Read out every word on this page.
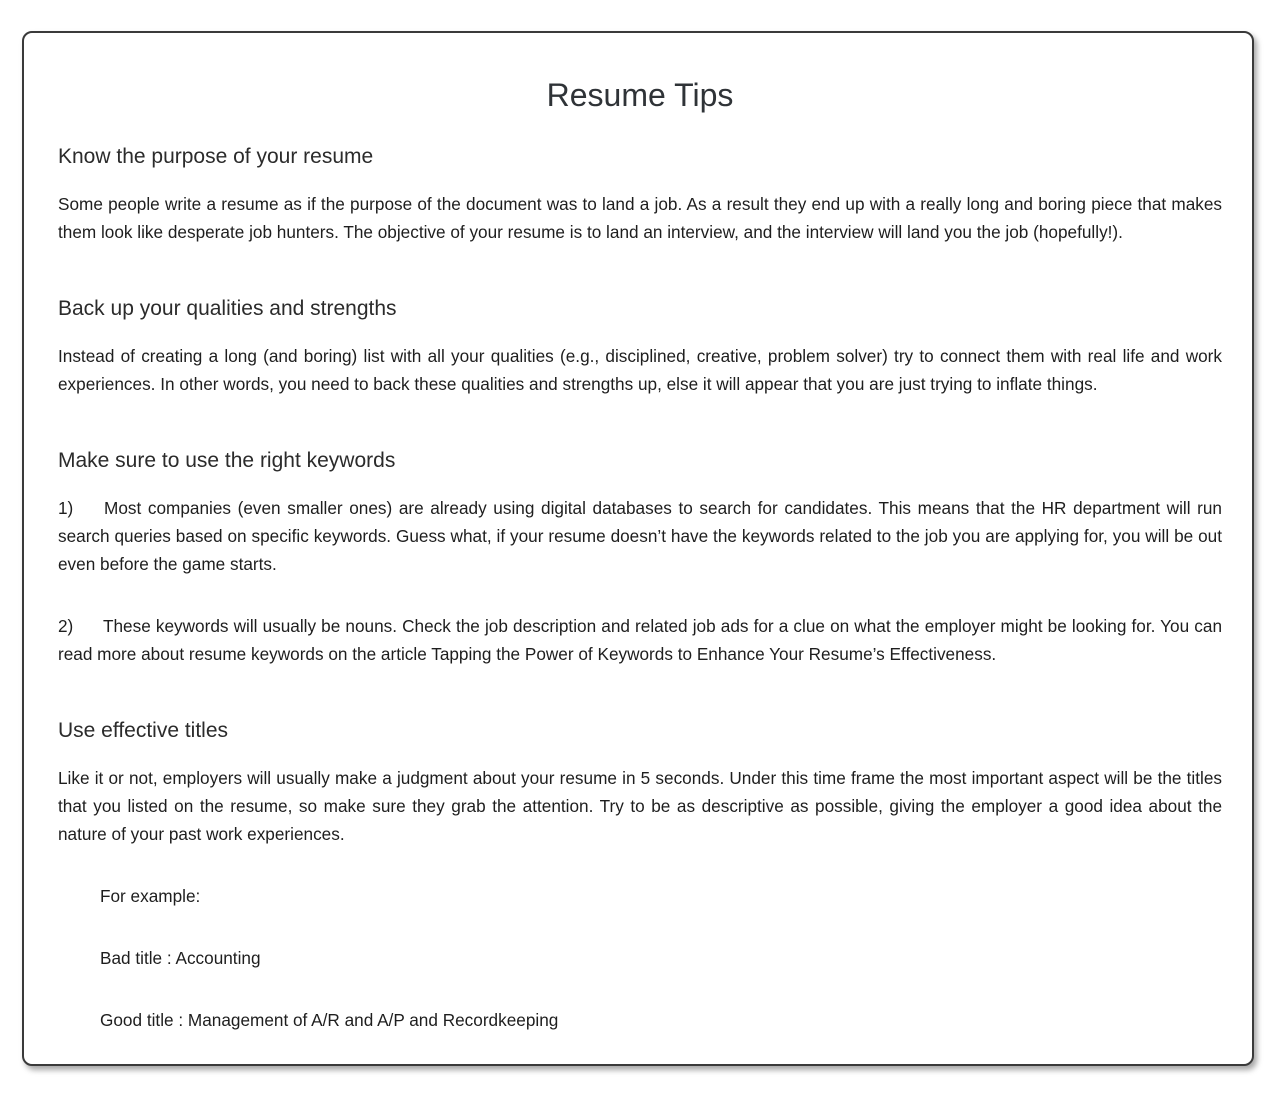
Resume Tips
Know the purpose of your resume

Some people write a resume as if the purpose of the document was to land a job. As a result they end up with a really long and boring piece that makes them look like desperate job hunters. The objective of your resume is to land an interview, and the interview will land you the job (hopefully!).

Back up your qualities and strengths

Instead of creating a long (and boring) list with all your qualities (e.g., disciplined, creative, problem solver) try to connect them with real life and work experiences. In other words, you need to back these qualities and strengths up, else it will appear that you are just trying to inflate things.

Make sure to use the right keywords

1) Most companies (even smaller ones) are already using digital databases to search for candidates. This means that the HR department will run search queries based on specific keywords. Guess what, if your resume doesn’t have the keywords related to the job you are applying for, you will be out even before the game starts.

2) These keywords will usually be nouns. Check the job description and related job ads for a clue on what the employer might be looking for. You can read more about resume keywords on the article Tapping the Power of Keywords to Enhance Your Resume’s Effectiveness.

Use effective titles

Like it or not, employers will usually make a judgment about your resume in 5 seconds. Under this time frame the most important aspect will be the titles that you listed on the resume, so make sure they grab the attention. Try to be as descriptive as possible, giving the employer a good idea about the nature of your past work experiences.

For example:

Bad title : Accounting

Good title : Management of A/R and A/P and Recordkeeping
